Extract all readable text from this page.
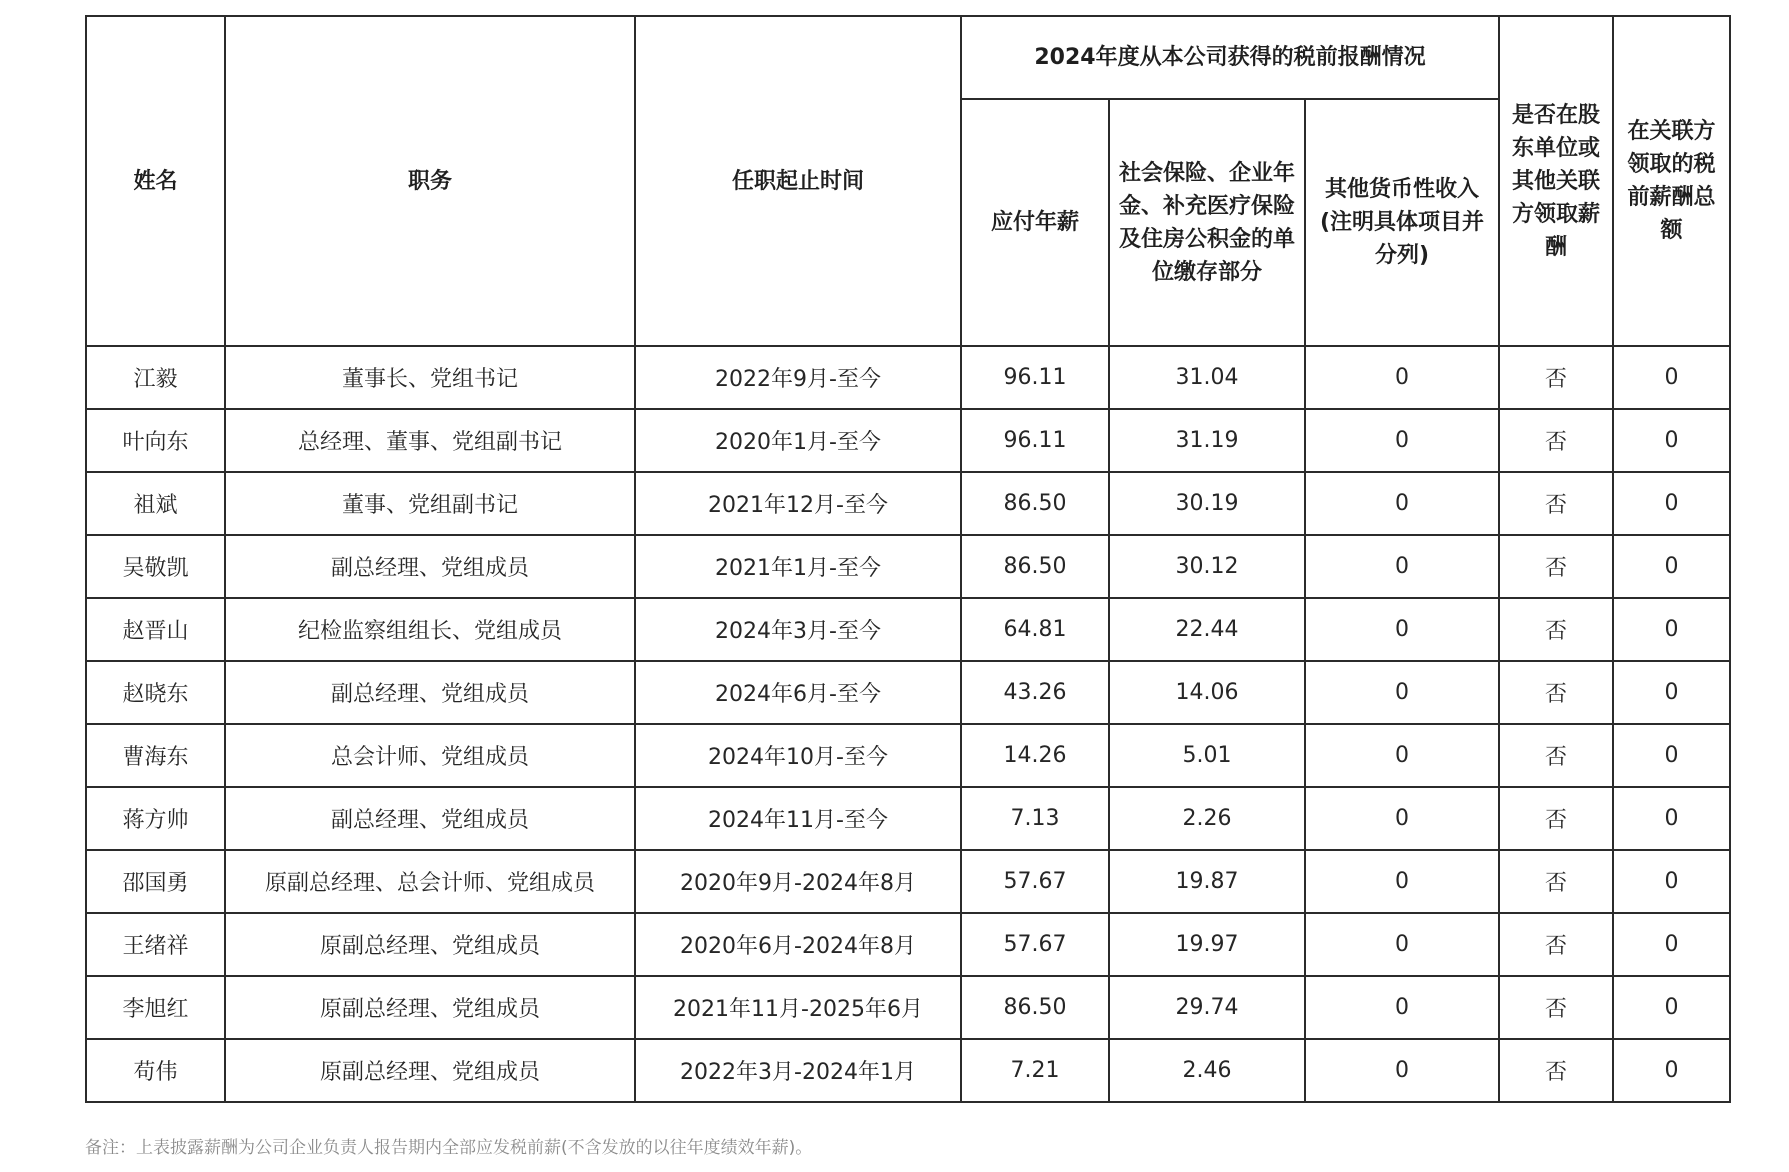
姓名	职务	任职起止时间	2024年度从本公司获得的税前报酬情况			是否在股东单位或其他关联方领取薪酬	在关联方领取的税前薪酬总额
			应付年薪	社会保险、企业年金、补充医疗保险及住房公积金的单位缴存部分	其他货币性收入(注明具体项目并分列)		
江毅	董事长、党组书记	2022年9月-至今	96.11	31.04	0	否	0
叶向东	总经理、董事、党组副书记	2020年1月-至今	96.11	31.19	0	否	0
祖斌	董事、党组副书记	2021年12月-至今	86.50	30.19	0	否	0
吴敬凯	副总经理、党组成员	2021年1月-至今	86.50	30.12	0	否	0
赵晋山	纪检监察组组长、党组成员	2024年3月-至今	64.81	22.44	0	否	0
赵晓东	副总经理、党组成员	2024年6月-至今	43.26	14.06	0	否	0
曹海东	总会计师、党组成员	2024年10月-至今	14.26	5.01	0	否	0
蒋方帅	副总经理、党组成员	2024年11月-至今	7.13	2.26	0	否	0
邵国勇	原副总经理、总会计师、党组成员	2020年9月-2024年8月	57.67	19.87	0	否	0
王绪祥	原副总经理、党组成员	2020年6月-2024年8月	57.67	19.97	0	否	0
李旭红	原副总经理、党组成员	2021年11月-2025年6月	86.50	29.74	0	否	0
苟伟	原副总经理、党组成员	2022年3月-2024年1月	7.21	2.46	0	否	0
备注：上表披露薪酬为公司企业负责人报告期内全部应发税前薪(不含发放的以往年度绩效年薪)。
